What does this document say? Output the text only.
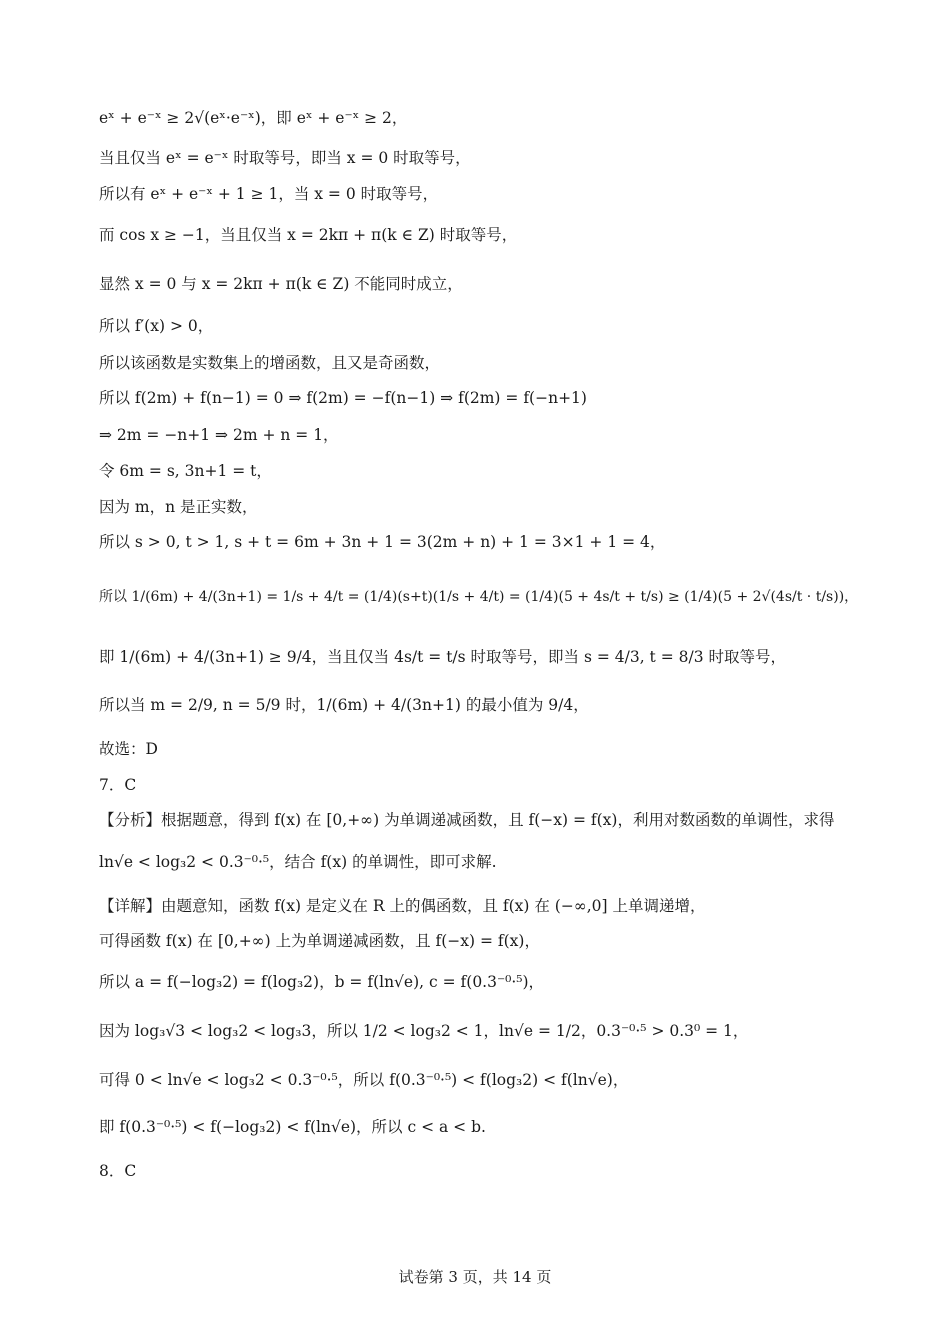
eˣ + e⁻ˣ ≥ 2√(eˣ·e⁻ˣ)，即 eˣ + e⁻ˣ ≥ 2，
当且仅当 eˣ = e⁻ˣ 时取等号，即当 x = 0 时取等号，
所以有 eˣ + e⁻ˣ + 1 ≥ 1，当 x = 0 时取等号，
而 cos x ≥ −1，当且仅当 x = 2kπ + π(k ∈ Z) 时取等号，
显然 x = 0 与 x = 2kπ + π(k ∈ Z) 不能同时成立，
所以 f′(x) > 0，
所以该函数是实数集上的增函数，且又是奇函数，
所以 f(2m) + f(n−1) = 0 ⇒ f(2m) = −f(n−1) ⇒ f(2m) = f(−n+1)
⇒ 2m = −n+1 ⇒ 2m + n = 1，
令 6m = s, 3n+1 = t，
因为 m，n 是正实数，
所以 s > 0, t > 1, s + t = 6m + 3n + 1 = 3(2m + n) + 1 = 3×1 + 1 = 4，
所以 1/(6m) + 4/(3n+1) = 1/s + 4/t = (1/4)(s+t)(1/s + 4/t) = (1/4)(5 + 4s/t + t/s) ≥ (1/4)(5 + 2√(4s/t · t/s))，
即 1/(6m) + 4/(3n+1) ≥ 9/4，当且仅当 4s/t = t/s 时取等号，即当 s = 4/3, t = 8/3 时取等号，
所以当 m = 2/9, n = 5/9 时，1/(6m) + 4/(3n+1) 的最小值为 9/4，
故选：D
7．C
【分析】根据题意，得到 f(x) 在 [0,+∞) 为单调递减函数，且 f(−x) = f(x)，利用对数函数的单调性，求得
ln√e < log₃2 < 0.3⁻⁰·⁵，结合 f(x) 的单调性，即可求解.
【详解】由题意知，函数 f(x) 是定义在 R 上的偶函数，且 f(x) 在 (−∞,0] 上单调递增，
可得函数 f(x) 在 [0,+∞) 上为单调递减函数，且 f(−x) = f(x)，
所以 a = f(−log₃2) = f(log₃2)，b = f(ln√e), c = f(0.3⁻⁰·⁵)，
因为 log₃√3 < log₃2 < log₃3，所以 1/2 < log₃2 < 1，ln√e = 1/2，0.3⁻⁰·⁵ > 0.3⁰ = 1，
可得 0 < ln√e < log₃2 < 0.3⁻⁰·⁵，所以 f(0.3⁻⁰·⁵) < f(log₃2) < f(ln√e)，
即 f(0.3⁻⁰·⁵) < f(−log₃2) < f(ln√e)，所以 c < a < b.
8．C
试卷第 3 页，共 14 页
